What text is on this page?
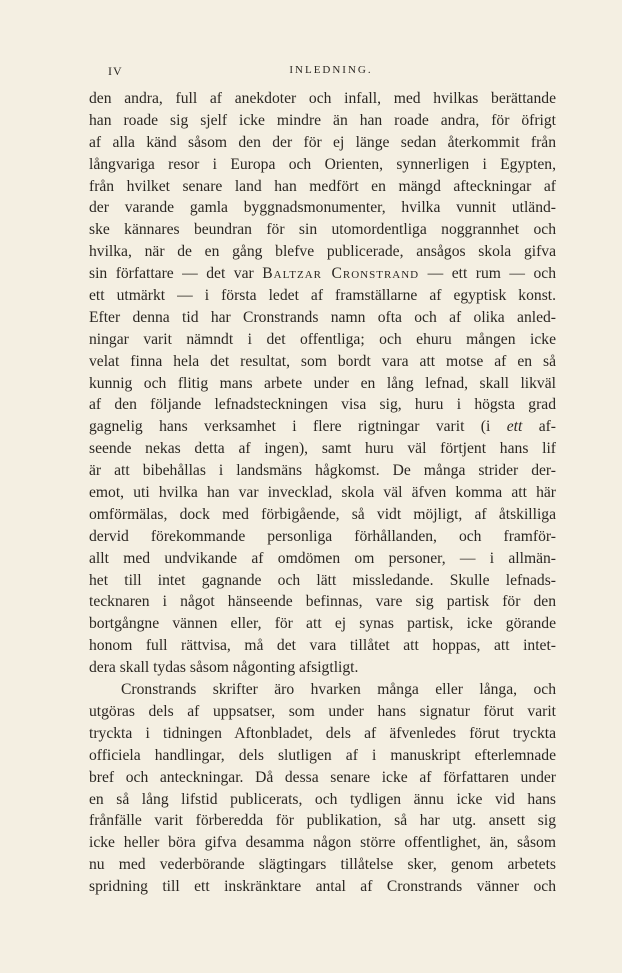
IV	INLEDNING.
den andra, full af anekdoter och infall, med hvilkas berättande
han roade sig sjelf icke mindre än han roade andra, för öfrigt
af alla känd såsom den der för ej länge sedan återkommit från
långvariga resor i Europa och Orienten, synnerligen i Egypten,
från hvilket senare land han medfört en mängd afteckningar af
der varande gamla byggnadsmonumenter, hvilka vunnit utländ-
ske kännares beundran för sin utomordentliga noggrannhet och
hvilka, när de en gång blefve publicerade, ansågos skola gifva
sin författare — det var Baltzar Cronstrand — ett rum — och
ett utmärkt — i första ledet af framställarne af egyptisk konst.
Efter denna tid har Cronstrands namn ofta och af olika anled-
ningar varit nämndt i det offentliga; och ehuru mången icke
velat finna hela det resultat, som bordt vara att motse af en så
kunnig och flitig mans arbete under en lång lefnad, skall likväl
af den följande lefnadsteckningen visa sig, huru i högsta grad
gagnelig hans verksamhet i flere rigtningar varit (i ett af-
seende nekas detta af ingen), samt huru väl förtjent hans lif
är att bibehållas i landsmäns hågkomst. De många strider der-
emot, uti hvilka han var invecklad, skola väl äfven komma att här
omförmälas, dock med förbigående, så vidt möjligt, af åtskilliga
dervid förekommande personliga förhållanden, och framför-
allt med undvikande af omdömen om personer, — i allmän-
het till intet gagnande och lätt missledande. Skulle lefnads-
tecknaren i något hänseende befinnas, vare sig partisk för den
bortgångne vännen eller, för att ej synas partisk, icke görande
honom full rättvisa, må det vara tillåtet att hoppas, att intet-
dera skall tydas såsom någonting afsigtligt.
Cronstrands skrifter äro hvarken många eller långa, och
utgöras dels af uppsatser, som under hans signatur förut varit
tryckta i tidningen Aftonbladet, dels af äfvenledes förut tryckta
officiela handlingar, dels slutligen af i manuskript efterlemnade
bref och anteckningar. Då dessa senare icke af författaren under
en så lång lifstid publicerats, och tydligen ännu icke vid hans
frånfälle varit förberedda för publikation, så har utg. ansett sig
icke heller böra gifva desamma någon större offentlighet, än, såsom
nu med vederbörande slägtingars tillåtelse sker, genom arbetets
spridning till ett inskränktare antal af Cronstrands vänner och
